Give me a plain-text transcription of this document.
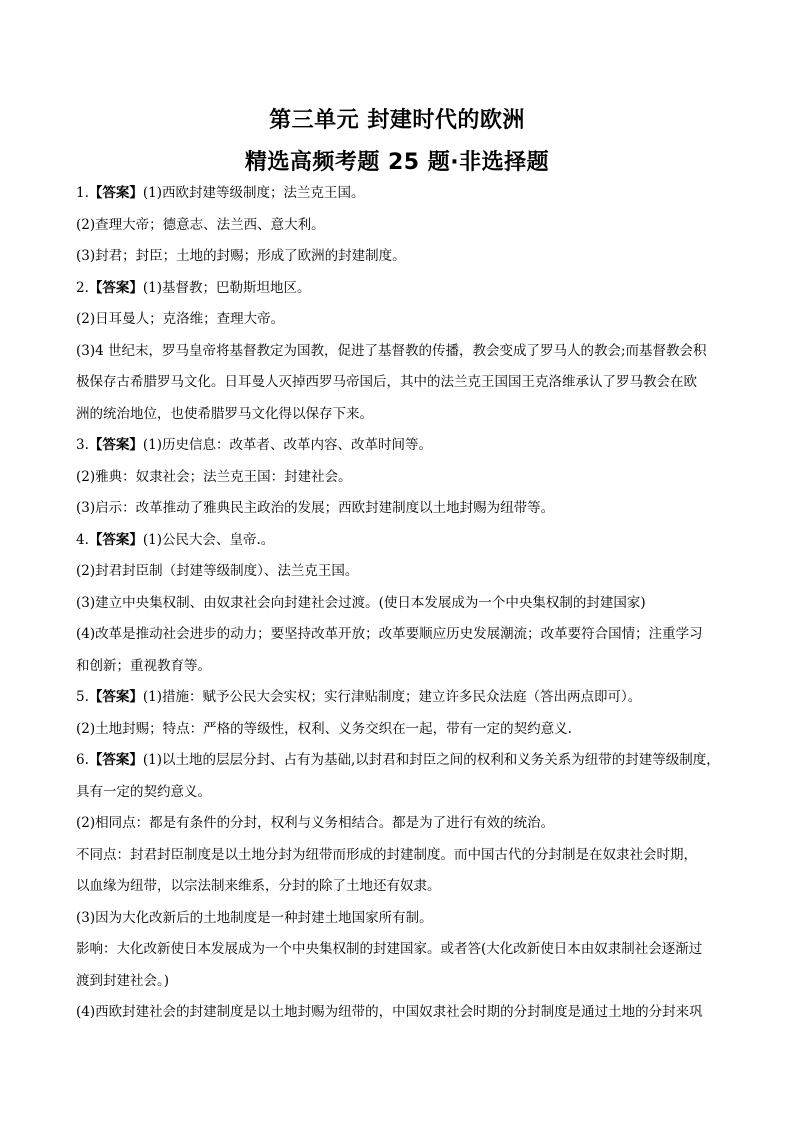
第三单元 封建时代的欧洲
精选高频考题 25 题·非选择题
1.【答案】(1)西欧封建等级制度；法兰克王国。
(2)查理大帝；德意志、法兰西、意大利。
(3)封君；封臣；土地的封赐；形成了欧洲的封建制度。
2.【答案】(1)基督教；巴勒斯坦地区。
(2)日耳曼人；克洛维；查理大帝。
(3)4 世纪末，罗马皇帝将基督教定为国教，促进了基督教的传播，教会变成了罗马人的教会;而基督教会积
极保存古希腊罗马文化。日耳曼人灭掉西罗马帝国后，其中的法兰克王国国王克洛维承认了罗马教会在欧
洲的统治地位，也使希腊罗马文化得以保存下来。
3.【答案】(1)历史信息：改革者、改革内容、改革时间等。
(2)雅典：奴隶社会；法兰克王国：封建社会。
(3)启示：改革推动了雅典民主政治的发展；西欧封建制度以土地封赐为纽带等。
4.【答案】(1)公民大会、皇帝.。
(2)封君封臣制（封建等级制度）、法兰克王国。
(3)建立中央集权制、由奴隶社会向封建社会过渡。(使日本发展成为一个中央集权制的封建国家)
(4)改革是推动社会进步的动力；要坚持改革开放；改革要顺应历史发展潮流；改革要符合国情；注重学习
和创新；重视教育等。
5.【答案】(1)措施：赋予公民大会实权；实行津贴制度；建立许多民众法庭（答出两点即可）。
(2)土地封赐；特点：严格的等级性，权利、义务交织在一起，带有一定的契约意义.
6.【答案】(1)以土地的层层分封、占有为基础,以封君和封臣之间的权利和义务关系为纽带的封建等级制度，
具有一定的契约意义。
(2)相同点：都是有条件的分封，权利与义务相结合。都是为了进行有效的统治。
不同点：封君封臣制度是以土地分封为纽带而形成的封建制度。而中国古代的分封制是在奴隶社会时期，
以血缘为纽带，以宗法制来维系，分封的除了土地还有奴隶。
(3)因为大化改新后的土地制度是一种封建土地国家所有制。
影响：大化改新使日本发展成为一个中央集权制的封建国家。或者答(大化改新使日本由奴隶制社会逐渐过
渡到封建社会。)
(4)西欧封建社会的封建制度是以土地封赐为纽带的，中国奴隶社会时期的分封制度是通过土地的分封来巩
